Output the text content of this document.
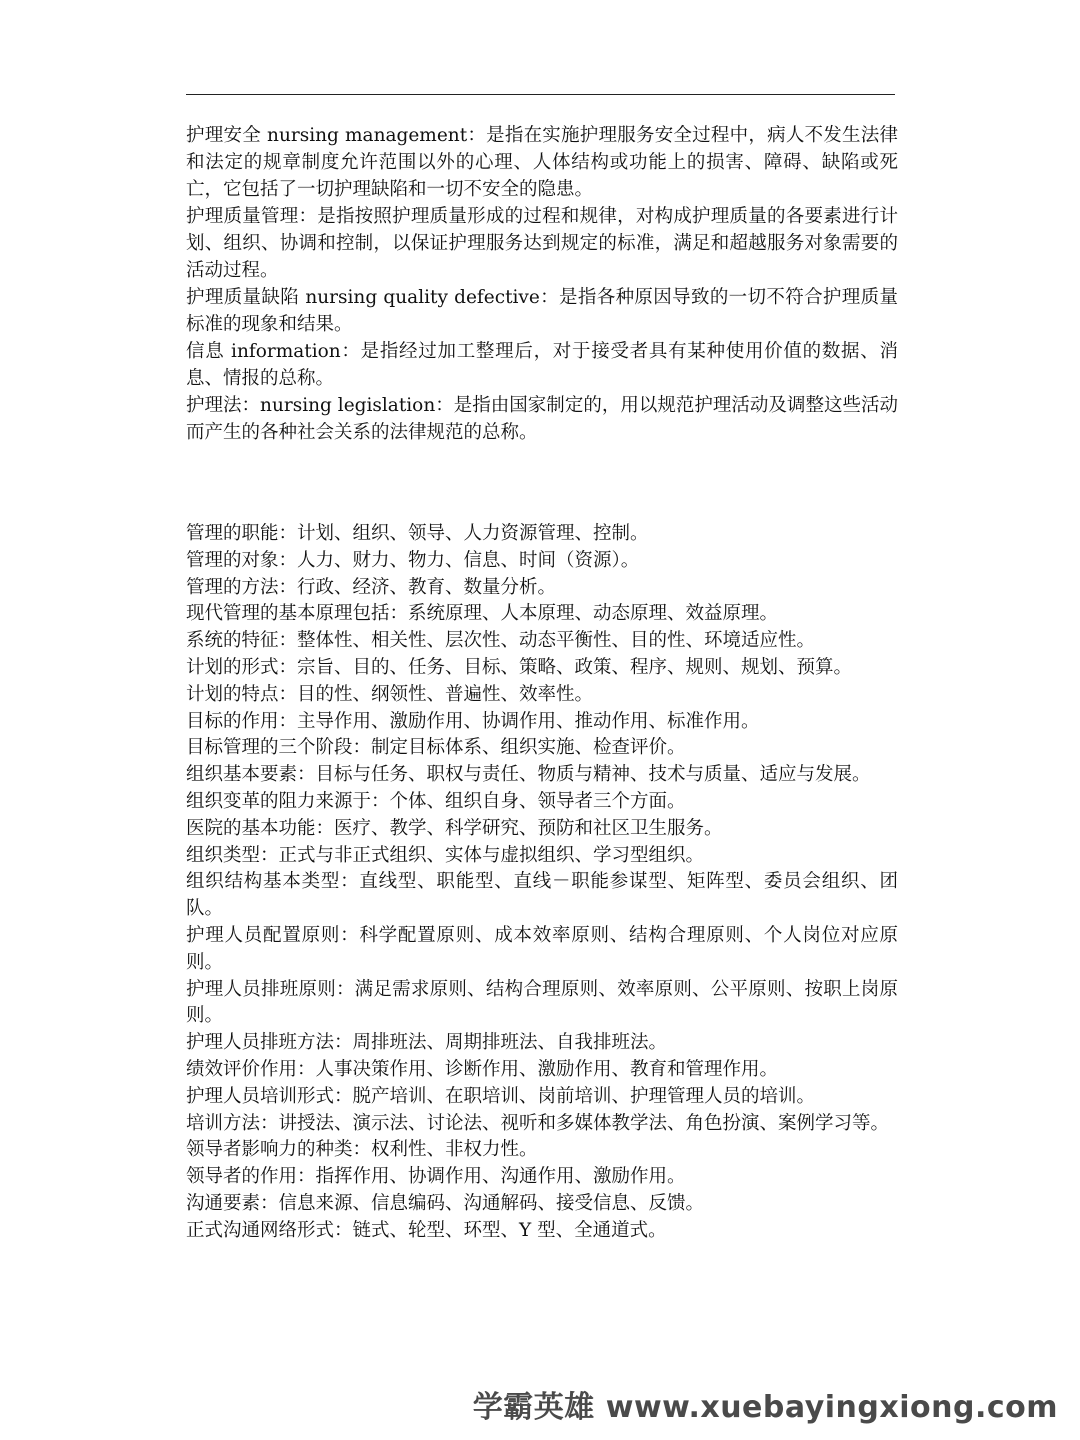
护理安全 nursing management：是指在实施护理服务安全过程中，病人不发生法律和法定的规章制度允许范围以外的心理、人体结构或功能上的损害、障碍、缺陷或死亡，它包括了一切护理缺陷和一切不安全的隐患。

护理质量管理：是指按照护理质量形成的过程和规律，对构成护理质量的各要素进行计划、组织、协调和控制，以保证护理服务达到规定的标准，满足和超越服务对象需要的活动过程。

护理质量缺陷 nursing quality defective：是指各种原因导致的一切不符合护理质量标准的现象和结果。

信息 information：是指经过加工整理后，对于接受者具有某种使用价值的数据、消息、情报的总称。

护理法：nursing legislation：是指由国家制定的，用以规范护理活动及调整这些活动而产生的各种社会关系的法律规范的总称。

管理的职能：计划、组织、领导、人力资源管理、控制。

管理的对象：人力、财力、物力、信息、时间（资源）。

管理的方法：行政、经济、教育、数量分析。

现代管理的基本原理包括：系统原理、人本原理、动态原理、效益原理。

系统的特征：整体性、相关性、层次性、动态平衡性、目的性、环境适应性。

计划的形式：宗旨、目的、任务、目标、策略、政策、程序、规则、规划、预算。

计划的特点：目的性、纲领性、普遍性、效率性。

目标的作用：主导作用、激励作用、协调作用、推动作用、标准作用。

目标管理的三个阶段：制定目标体系、组织实施、检查评价。

组织基本要素：目标与任务、职权与责任、物质与精神、技术与质量、适应与发展。

组织变革的阻力来源于：个体、组织自身、领导者三个方面。

医院的基本功能：医疗、教学、科学研究、预防和社区卫生服务。

组织类型：正式与非正式组织、实体与虚拟组织、学习型组织。

组织结构基本类型：直线型、职能型、直线－职能参谋型、矩阵型、委员会组织、团队。

护理人员配置原则：科学配置原则、成本效率原则、结构合理原则、个人岗位对应原则。

护理人员排班原则：满足需求原则、结构合理原则、效率原则、公平原则、按职上岗原则。

护理人员排班方法：周排班法、周期排班法、自我排班法。

绩效评价作用：人事决策作用、诊断作用、激励作用、教育和管理作用。

护理人员培训形式：脱产培训、在职培训、岗前培训、护理管理人员的培训。

培训方法：讲授法、演示法、讨论法、视听和多媒体教学法、角色扮演、案例学习等。

领导者影响力的种类：权利性、非权力性。

领导者的作用：指挥作用、协调作用、沟通作用、激励作用。

沟通要素：信息来源、信息编码、沟通解码、接受信息、反馈。

正式沟通网络形式：链式、轮型、环型、Y 型、全通道式。

学霸英雄 www.xuebayingxiong.com
